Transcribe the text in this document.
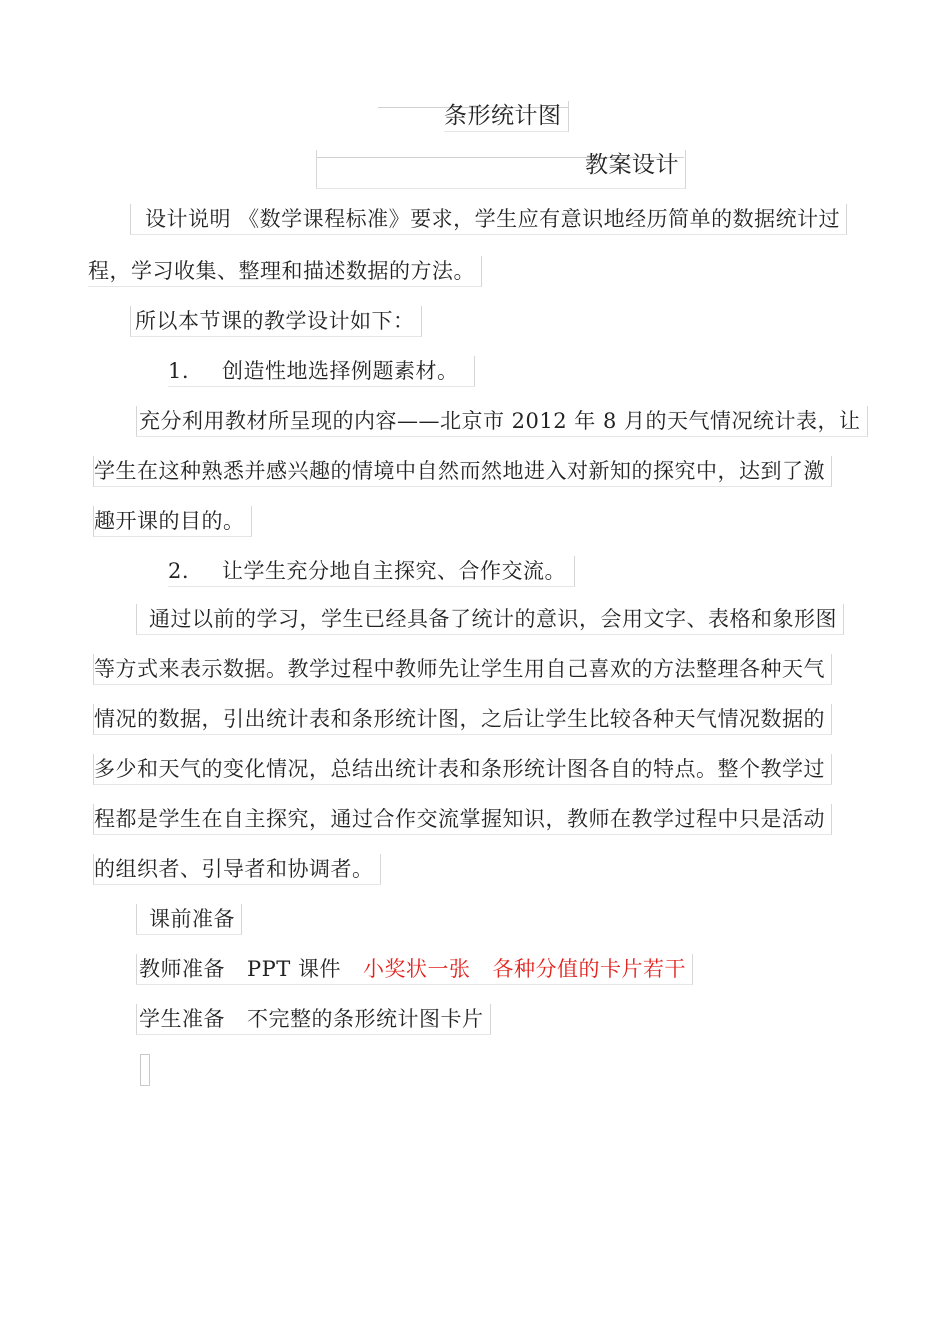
条形统计图
教案设计
设计说明 《数学课程标准》要求，学生应有意识地经历简单的数据统计过
程，学习收集、整理和描述数据的方法。
所以本节课的教学设计如下：
1. 创造性地选择例题素材。
充分利用教材所呈现的内容——北京市 2012 年 8 月的天气情况统计表，让
学生在这种熟悉并感兴趣的情境中自然而然地进入对新知的探究中，达到了激
趣开课的目的。
2. 让学生充分地自主探究、合作交流。
通过以前的学习，学生已经具备了统计的意识，会用文字、表格和象形图
等方式来表示数据。教学过程中教师先让学生用自己喜欢的方法整理各种天气
情况的数据，引出统计表和条形统计图，之后让学生比较各种天气情况数据的
多少和天气的变化情况，总结出统计表和条形统计图各自的特点。整个教学过
程都是学生在自主探究，通过合作交流掌握知识，教师在教学过程中只是活动
的组织者、引导者和协调者。
课前准备
教师准备 PPT 课件 小奖状一张 各种分值的卡片若干
学生准备 不完整的条形统计图卡片
